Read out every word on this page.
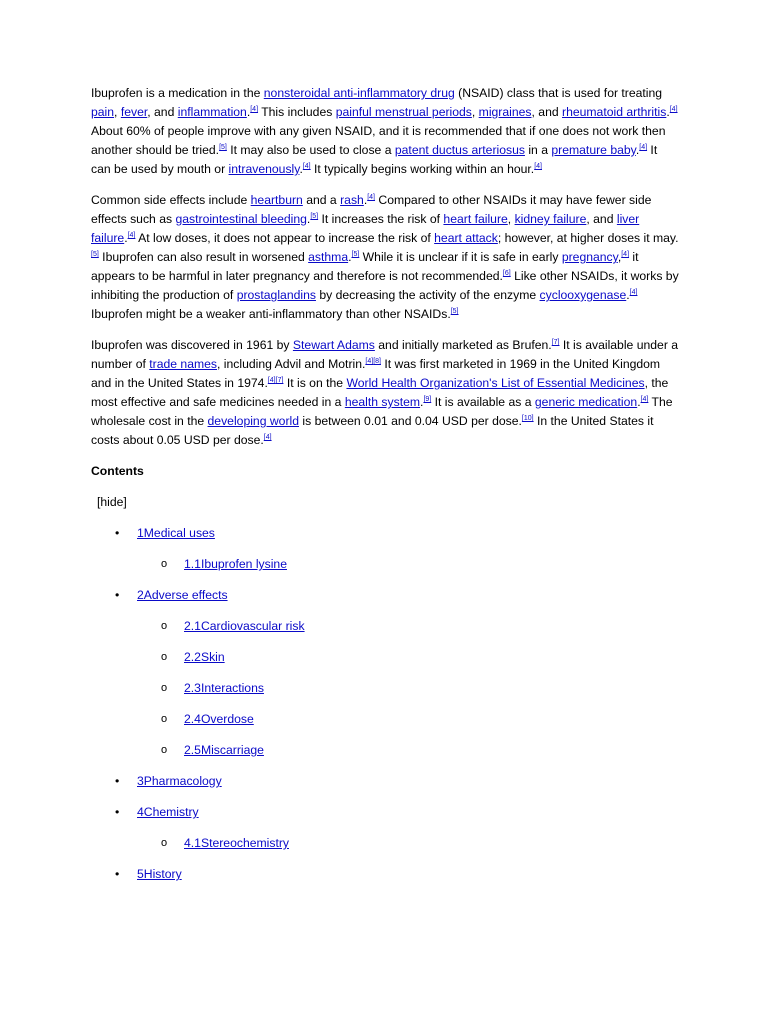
Ibuprofen is a medication in the nonsteroidal anti-inflammatory drug (NSAID) class that is used for treating pain, fever, and inflammation.[4] This includes painful menstrual periods, migraines, and rheumatoid arthritis.[4] About 60% of people improve with any given NSAID, and it is recommended that if one does not work then another should be tried.[5] It may also be used to close a patent ductus arteriosus in a premature baby.[4] It can be used by mouth or intravenously.[4] It typically begins working within an hour.[4]

Common side effects include heartburn and a rash.[4] Compared to other NSAIDs it may have fewer side effects such as gastrointestinal bleeding.[5] It increases the risk of heart failure, kidney failure, and liver failure.[4] At low doses, it does not appear to increase the risk of heart attack; however, at higher doses it may.[5] Ibuprofen can also result in worsened asthma.[5] While it is unclear if it is safe in early pregnancy,[4] it appears to be harmful in later pregnancy and therefore is not recommended.[6] Like other NSAIDs, it works by inhibiting the production of prostaglandins by decreasing the activity of the enzyme cyclooxygenase.[4] Ibuprofen might be a weaker anti-inflammatory than other NSAIDs.[5]

Ibuprofen was discovered in 1961 by Stewart Adams and initially marketed as Brufen.[7] It is available under a number of trade names, including Advil and Motrin.[4][8] It was first marketed in 1969 in the United Kingdom and in the United States in 1974.[4][7] It is on the World Health Organization's List of Essential Medicines, the most effective and safe medicines needed in a health system.[9] It is available as a generic medication.[4] The wholesale cost in the developing world is between 0.01 and 0.04 USD per dose.[10] In the United States it costs about 0.05 USD per dose.[4]

Contents
[hide]
• 1Medical uses
o 1.1Ibuprofen lysine
• 2Adverse effects
o 2.1Cardiovascular risk
o 2.2Skin
o 2.3Interactions
o 2.4Overdose
o 2.5Miscarriage
• 3Pharmacology
• 4Chemistry
o 4.1Stereochemistry
• 5History
